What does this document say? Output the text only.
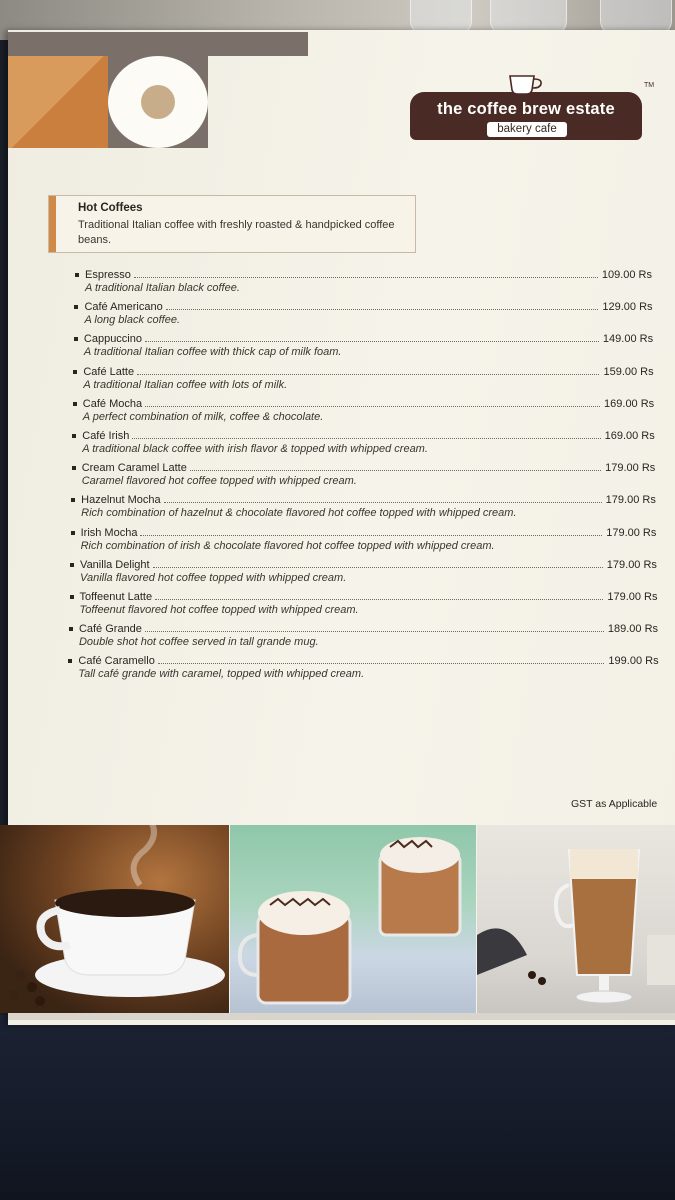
the coffee brew estate
bakery cafe
TM
Hot Coffees
Traditional Italian coffee with freshly roasted & handpicked coffee beans.
Espresso	109.00 Rs
A traditional Italian black coffee.
Café Americano	129.00 Rs
A long black coffee.
Cappuccino	149.00 Rs
A traditional Italian coffee with thick cap of milk foam.
Café Latte	159.00 Rs
A traditional Italian coffee with lots of milk.
Café Mocha	169.00 Rs
A perfect combination of milk, coffee & chocolate.
Café Irish	169.00 Rs
A traditional black coffee with irish flavor & topped with whipped cream.
Cream Caramel Latte	179.00 Rs
Caramel flavored hot coffee topped with whipped cream.
Hazelnut Mocha	179.00 Rs
Rich combination of hazelnut & chocolate flavored hot coffee topped with whipped cream.
Irish Mocha	179.00 Rs
Rich combination of irish & chocolate flavored hot coffee topped with whipped cream.
Vanilla Delight	179.00 Rs
Vanilla flavored hot coffee topped with whipped cream.
Toffeenut Latte	179.00 Rs
Toffeenut flavored hot coffee topped with whipped cream.
Café Grande	189.00 Rs
Double shot hot coffee served in tall grande mug.
Café Caramello	199.00 Rs
Tall café grande with caramel, topped with whipped cream.
GST as Applicable
